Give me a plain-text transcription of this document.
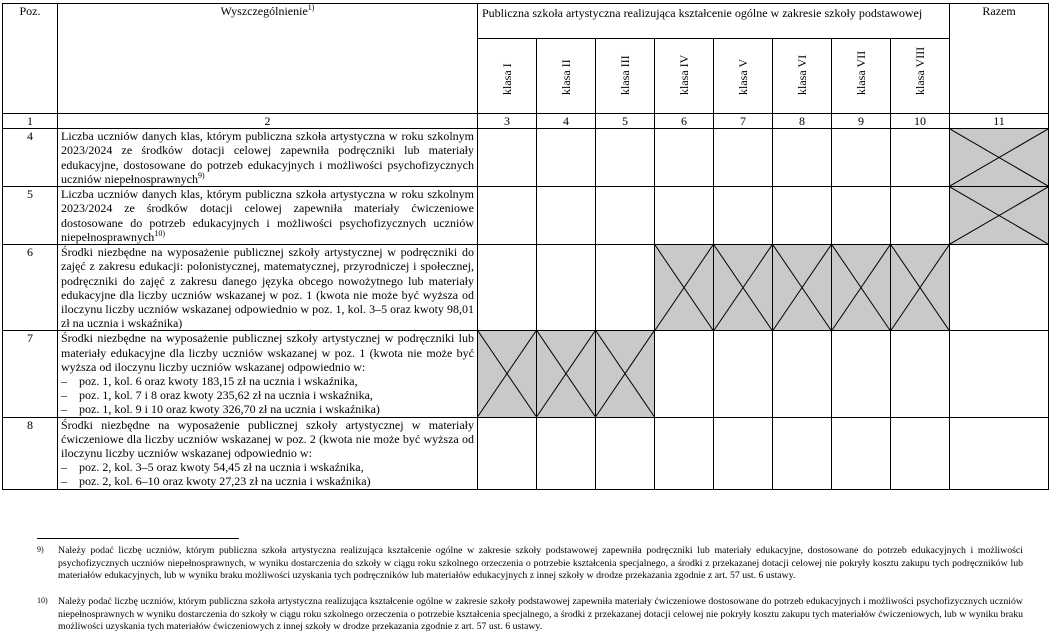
Poz.	Wyszczególnienie$^{1)}$	Publiczna szkoła artystyczna realizująca kształcenie ogólne w zakresie szkoły podstawowej								Razem

		klasa I	klasa II	klasa III	klasa IV	klasa V	klasa VI	klasa VII	klasa VIII	

1	2	3	4	5	6	7	8	9	10	11
4	Liczba uczniów danych klas, którym publiczna szkoła artystyczna w roku szkolnym 2023/2024 ze środków dotacji celowej zapewniła podręczniki lub materiały edukacyjne, dostosowane do potrzeb edukacyjnych i możliwości psychofizycznych uczniów niepełnosprawnych$^{9)}$									

5	Liczba uczniów danych klas, którym publiczna szkoła artystyczna w roku szkolnym 2023/2024 ze środków dotacji celowej zapewniła materiały ćwiczeniowe dostosowane do potrzeb edukacyjnych i możliwości psychofizycznych uczniów niepełnosprawnych$^{10)}$									

6	Środki niezbędne na wyposażenie publicznej szkoły artystycznej w podręczniki do zajęć z zakresu edukacji: polonistycznej, matematycznej, przyrodniczej i społecznej, podręczniki do zajęć z zakresu danego języka obcego nowożytnego lub materiały edukacyjne dla liczby uczniów wskazanej w poz. 1 (kwota nie może być wyższa od iloczynu liczby uczniów wskazanej odpowiednio w poz. 1, kol. 3–5 oraz kwoty 98,01 zł na ucznia i wskaźnika)				

7	Środki niezbędne na wyposażenie publicznej szkoły artystycznej w podręczniki lub materiały edukacyjne dla liczby uczniów wskazanej w poz. 1 (kwota nie może być wyższa od iloczynu liczby uczniów wskazanej odpowiednio w:
– poz. 1, kol. 6 oraz kwoty 183,15 zł na ucznia i wskaźnika,
– poz. 1, kol. 7 i 8 oraz kwoty 235,62 zł na ucznia i wskaźnika,
– poz. 1, kol. 9 i 10 oraz kwoty 326,70 zł na ucznia i wskaźnika)

8	Środki niezbędne na wyposażenie publicznej szkoły artystycznej w materiały ćwiczeniowe dla liczby uczniów wskazanej w poz. 2 (kwota nie może być wyższa od iloczynu liczby uczniów wskazanej odpowiednio w:
– poz. 2, kol. 3–5 oraz kwoty 54,45 zł na ucznia i wskaźnika,
– poz. 2, kol. 6–10 oraz kwoty 27,23 zł na ucznia i wskaźnika)									

9) Należy podać liczbę uczniów, którym publiczna szkoła artystyczna realizująca kształcenie ogólne w zakresie szkoły podstawowej zapewniła podręczniki lub materiały edukacyjne, dostosowane do potrzeb edukacyjnych i możliwości psychofizycznych uczniów niepełnosprawnych, w wyniku dostarczenia do szkoły w ciągu roku szkolnego orzeczenia o potrzebie kształcenia specjalnego, a środki z przekazanej dotacji celowej nie pokryły kosztu zakupu tych podręczników lub materiałów edukacyjnych, lub w wyniku braku możliwości uzyskania tych podręczników lub materiałów edukacyjnych z innej szkoły w drodze przekazania zgodnie z art. 57 ust. 6 ustawy.
10) Należy podać liczbę uczniów, którym publiczna szkoła artystyczna realizująca kształcenie ogólne w zakresie szkoły podstawowej zapewniła materiały ćwiczeniowe dostosowane do potrzeb edukacyjnych i możliwości psychofizycznych uczniów niepełnosprawnych w wyniku dostarczenia do szkoły w ciągu roku szkolnego orzeczenia o potrzebie kształcenia specjalnego, a środki z przekazanej dotacji celowej nie pokryły kosztu zakupu tych materiałów ćwiczeniowych, lub w wyniku braku możliwości uzyskania tych materiałów ćwiczeniowych z innej szkoły w drodze przekazania zgodnie z art. 57 ust. 6 ustawy.
